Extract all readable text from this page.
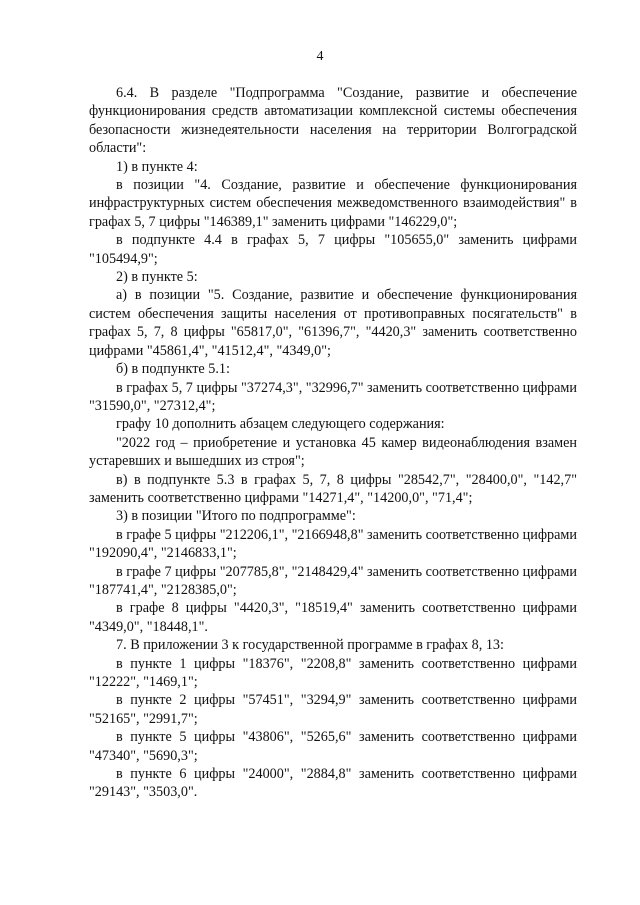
4

6.4. В разделе "Подпрограмма "Создание, развитие и обеспечение функционирования средств автоматизации комплексной системы обеспечения безопасности жизнедеятельности населения на территории Волгоградской области":

1) в пункте 4:

в позиции "4. Создание, развитие и обеспечение функционирования инфраструктурных систем обеспечения межведомственного взаимодействия" в графах 5, 7 цифры "146389,1" заменить цифрами "146229,0";

в подпункте 4.4 в графах 5, 7 цифры "105655,0" заменить цифрами "105494,9";

2) в пункте 5:

а) в позиции "5. Создание, развитие и обеспечение функционирования систем обеспечения защиты населения от противоправных посягательств" в графах 5, 7, 8 цифры "65817,0", "61396,7", "4420,3" заменить соответственно цифрами "45861,4", "41512,4", "4349,0";

б) в подпункте 5.1:

в графах 5, 7 цифры "37274,3", "32996,7" заменить соответственно цифрами "31590,0", "27312,4";

графу 10 дополнить абзацем следующего содержания:

"2022 год – приобретение и установка 45 камер видеонаблюдения взамен устаревших и вышедших из строя";

в) в подпункте 5.3 в графах 5, 7, 8 цифры "28542,7", "28400,0", "142,7" заменить соответственно цифрами "14271,4", "14200,0", "71,4";

3) в позиции "Итого по подпрограмме":

в графе 5 цифры "212206,1", "2166948,8" заменить соответственно цифрами "192090,4", "2146833,1";

в графе 7 цифры "207785,8", "2148429,4" заменить соответственно цифрами "187741,4", "2128385,0";

в графе 8 цифры "4420,3", "18519,4" заменить соответственно цифрами "4349,0", "18448,1".

7. В приложении 3 к государственной программе в графах 8, 13:

в пункте 1 цифры "18376", "2208,8" заменить соответственно цифрами "12222", "1469,1";

в пункте 2 цифры "57451", "3294,9" заменить соответственно цифрами "52165", "2991,7";

в пункте 5 цифры "43806", "5265,6" заменить соответственно цифрами "47340", "5690,3";

в пункте 6 цифры "24000", "2884,8" заменить соответственно цифрами "29143", "3503,0".
